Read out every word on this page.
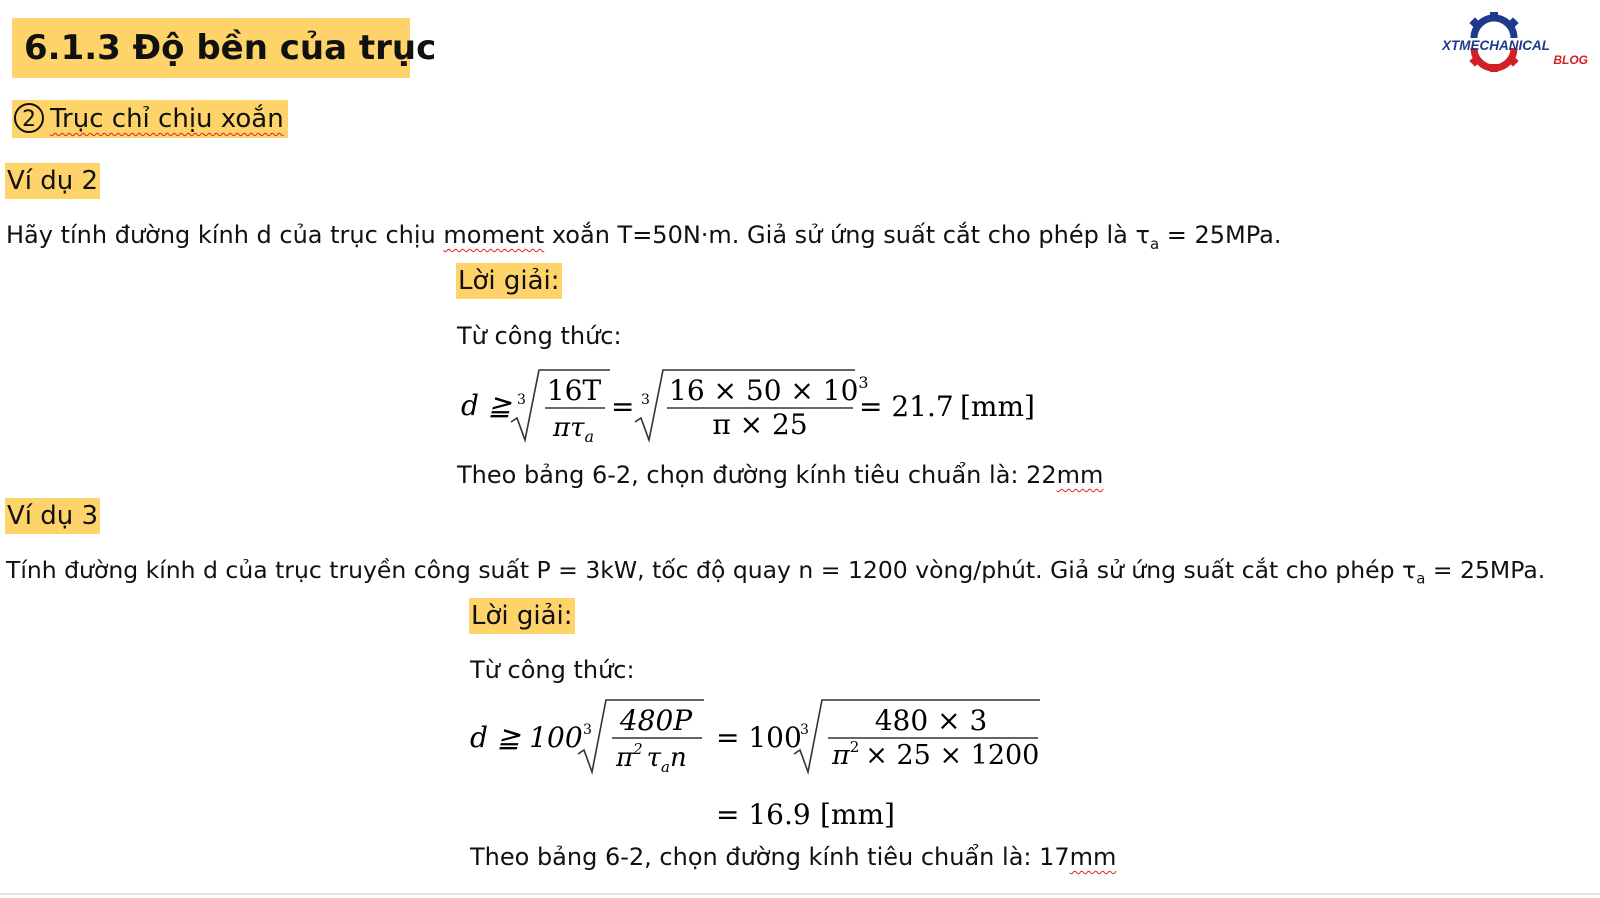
6.1.3 Độ bền của trục
2 Trục chỉ chịu xoắn
XTMECHANICAL
BLOG
Ví dụ 2
Hãy tính đường kính d của trục chịu moment xoắn T=50N·m. Giả sử ứng suất cắt cho phép là $\tau_a = 25MPa$.
Lời giải:
Từ công thức:
d ≧ 3 16T
$\pi\tau_a$
= 3 $16 \times 50 \times 10^3$
π × 25
= 21.7 [mm]
Theo bảng 6-2, chọn đường kính tiêu chuẩn là: 22mm
Ví dụ 3
Tính đường kính d của trục truyền công suất P = 3kW, tốc độ quay n = 1200 vòng/phút. Giả sử ứng suất cắt cho phép $\tau_a = 25MPa$.
Lời giải:
Từ công thức:
d ≧ 100 3 480P
$\pi^2$ $\tau_an$
= 100
3 480 × 3
$\pi^2 \times 25 \times 1200$
= 16.9 [mm]
Theo bảng 6-2, chọn đường kính tiêu chuẩn là: 17mm
